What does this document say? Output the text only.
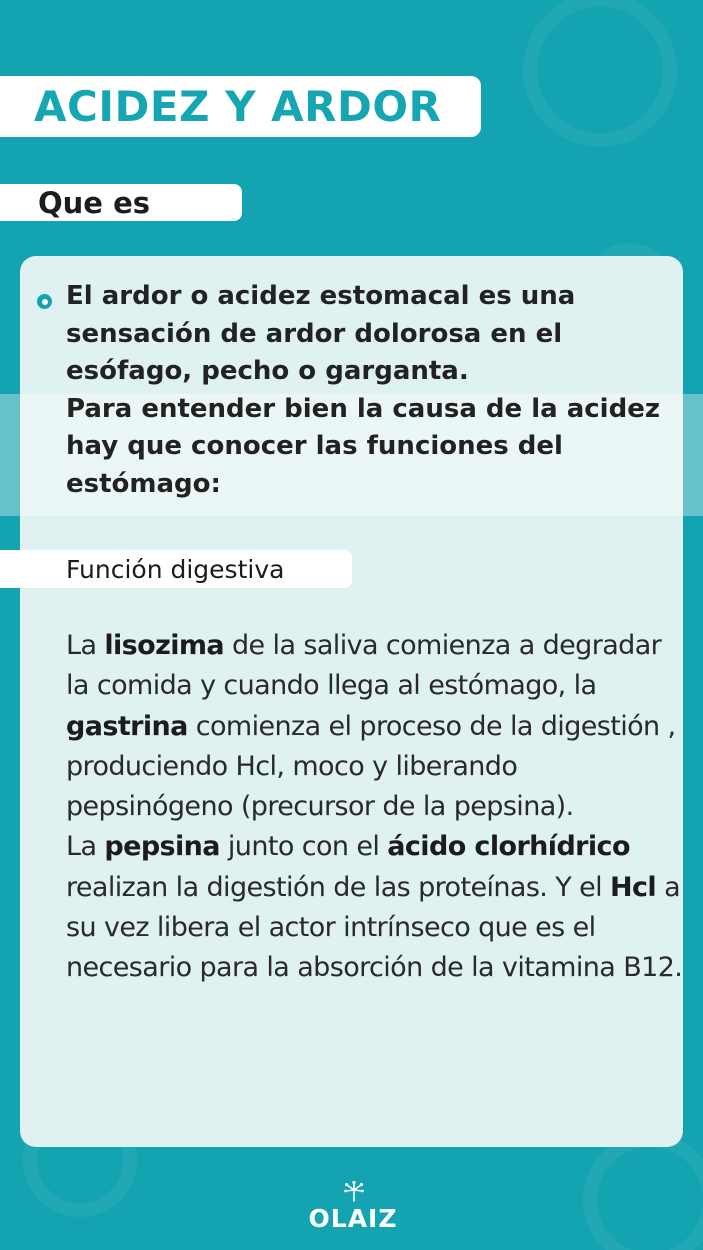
ACIDEZ Y ARDOR
Que es

El ardor o acidez estomacal es una sensación de ardor dolorosa en el esófago, pecho o garganta.

Para entender bien la causa de la acidez hay que conocer las funciones del estómago:

Función digestiva

La lisozima de la saliva comienza a degradar la comida y cuando llega al estómago, la gastrina comienza el proceso de la digestión , produciendo Hcl, moco y liberando pepsinógeno (precursor de la pepsina).

La pepsina junto con el ácido clorhídrico realizan la digestión de las proteínas. Y el Hcl a su vez libera el actor intrínseco que es el necesario para la absorción de la vitamina B12.

OLAIZ
